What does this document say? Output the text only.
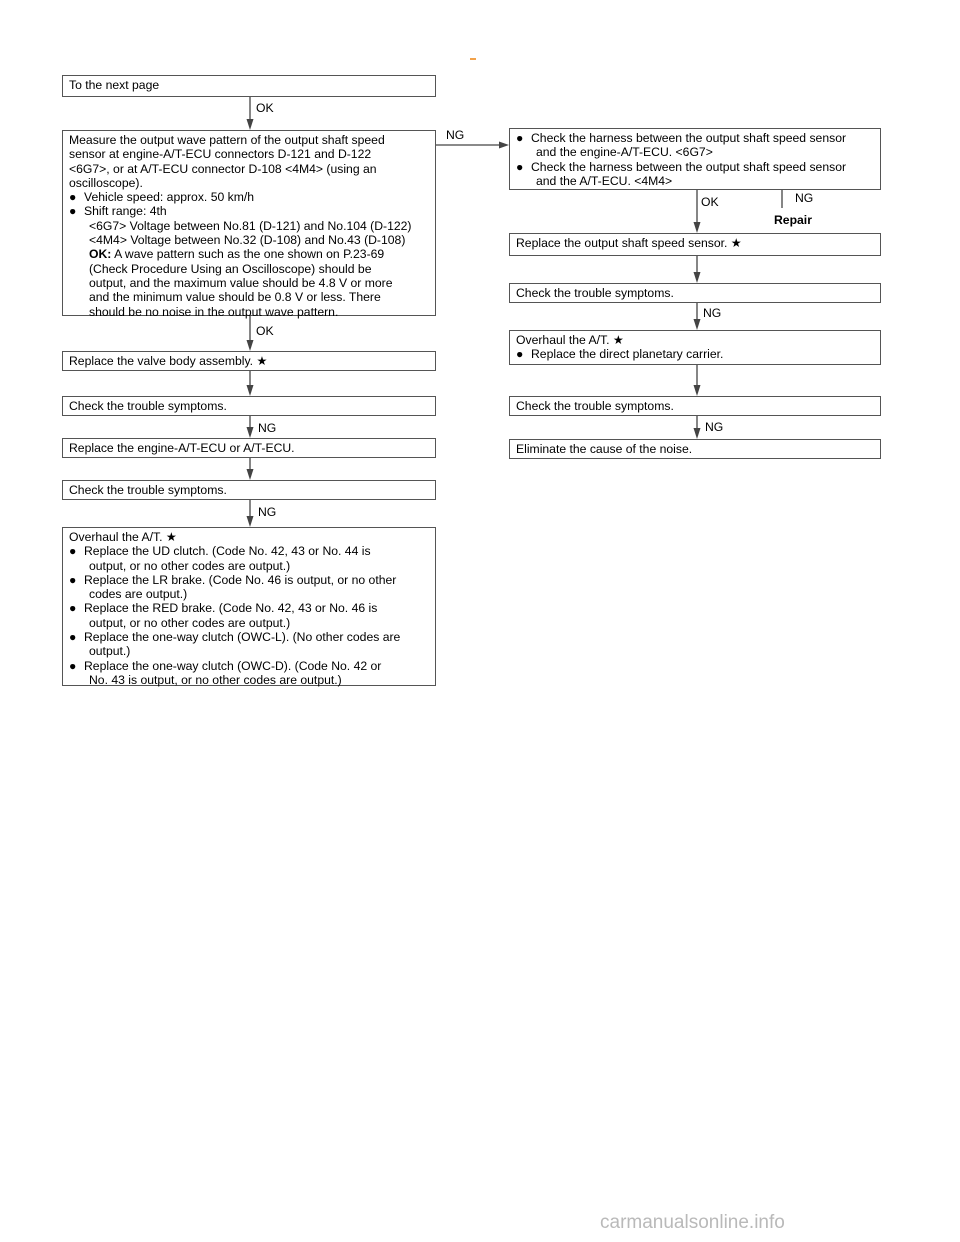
OK
NG
OK	NG
Repair
OK
NG
NG
NG
NG
To the next page
Measure the output wave pattern of the output shaft speed
sensor at engine-A/T-ECU connectors D-121 and D-122
<6G7>, or at A/T-ECU connector D-108 <4M4> (using an
oscilloscope).
● Vehicle speed: approx. 50 km/h
● Shift range: 4th
<6G7> Voltage between No.81 (D-121) and No.104 (D-122)
<4M4> Voltage between No.32 (D-108) and No.43 (D-108)
OK: A wave pattern such as the one shown on P.23-69
(Check Procedure Using an Oscilloscope) should be
output, and the maximum value should be 4.8 V or more
and the minimum value should be 0.8 V or less. There
should be no noise in the output wave pattern.
Replace the valve body assembly. ★
Check the trouble symptoms.
Replace the engine-A/T-ECU or A/T-ECU.
Check the trouble symptoms.
Overhaul the A/T. ★
● Replace the UD clutch. (Code No. 42, 43 or No. 44 is
output, or no other codes are output.)
● Replace the LR brake. (Code No. 46 is output, or no other
codes are output.)
● Replace the RED brake. (Code No. 42, 43 or No. 46 is
output, or no other codes are output.)
● Replace the one-way clutch (OWC-L). (No other codes are
output.)
● Replace the one-way clutch (OWC-D). (Code No. 42 or
No. 43 is output, or no other codes are output.)
● Check the harness between the output shaft speed sensor
and the engine-A/T-ECU. <6G7>
● Check the harness between the output shaft speed sensor
and the A/T-ECU. <4M4>
Replace the output shaft speed sensor. ★
Check the trouble symptoms.
Overhaul the A/T. ★
● Replace the direct planetary carrier.
Check the trouble symptoms.
Eliminate the cause of the noise.
carmanualsonline.info
